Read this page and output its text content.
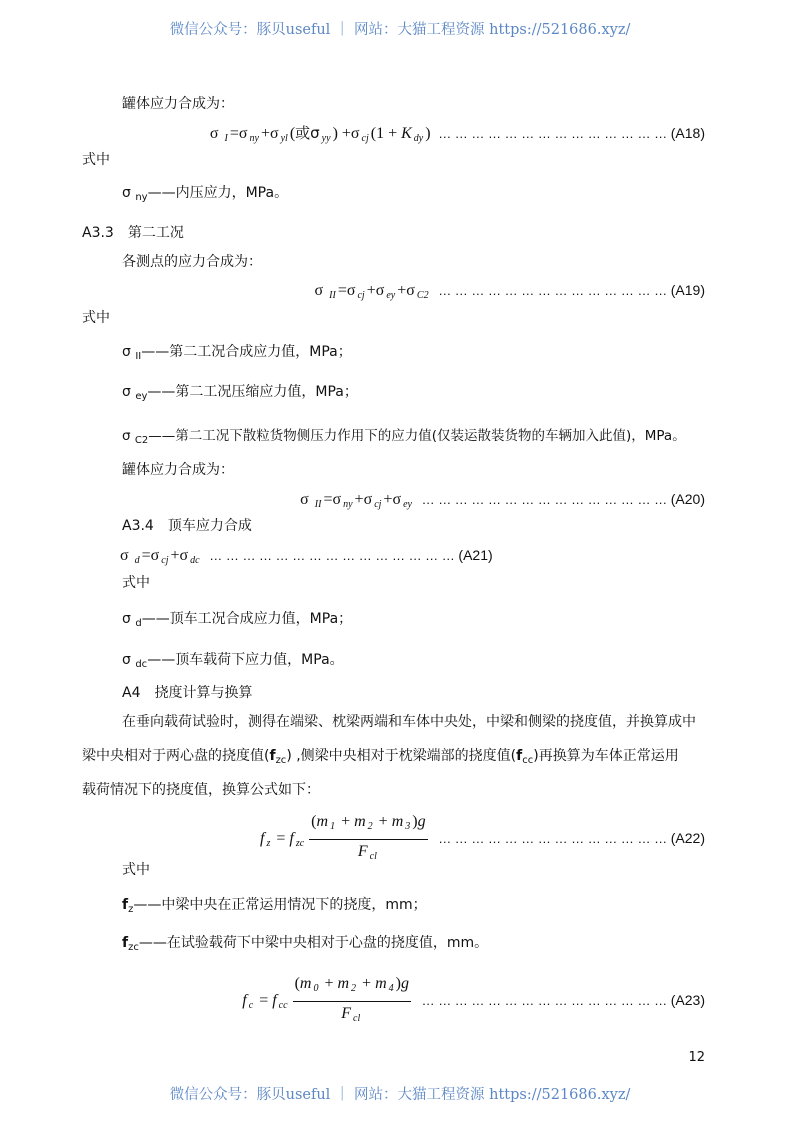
微信公众号：豚贝useful ｜ 网站：大猫工程资源 https://521686.xyz/
罐体应力合成为：
σ I =σ ny +σ yl (或σ yy ) +σ cj (1 + K dy ) … … … … … … … … … … … … … … (A18)
式中
σ $_{ny}$——内压应力，MPa。
A3.3　第二工况
各测点的应力合成为：
σ II =σ cj +σ ey +σ C2 … … … … … … … … … … … … … … (A19)
式中
σ $_{II}$——第二工况合成应力值，MPa；
σ $_{ey}$——第二工况压缩应力值，MPa；
σ $_{C2}$——第二工况下散粒货物侧压力作用下的应力值(仅装运散装货物的车辆加入此值)，MPa。
罐体应力合成为：
σ II =σ ny +σ cj +σ ey … … … … … … … … … … … … … … … (A20)
A3.4　顶车应力合成
σ d =σ cj +σ dc … … … … … … … … … … … … … … … (A21)
式中
σ $_d$——顶车工况合成应力值，MPa；
σ $_{dc}$——顶车载荷下应力值，MPa。
A4　挠度计算与换算
在垂向载荷试验时，测得在端梁、枕梁两端和车体中央处，中梁和侧梁的挠度值，并换算成中
梁中央相对于两心盘的挠度值$(f_{zc})$ ,侧梁中央相对于枕梁端部的挠度值$(f_{cc})$再换算为车体正常运用
载荷情况下的挠度值，换算公式如下：
fz = f zc $\frac{(m 1 + m 2 + m 3 )g}{\text{F cl}}$ … … … … … … … … … … … … … … (A22)
式中
$f_z——$中梁中央在正常运用情况下的挠度，mm；
$f_{zc}——$在试验载荷下中梁中央相对于心盘的挠度值，mm。
fc = f cc $\frac{(m 0 + m 2 + m 4 )g}{\text{F cl}}$ … … … … … … … … … … … … … … … (A23)
12
微信公众号：豚贝useful ｜ 网站：大猫工程资源 https://521686.xyz/
